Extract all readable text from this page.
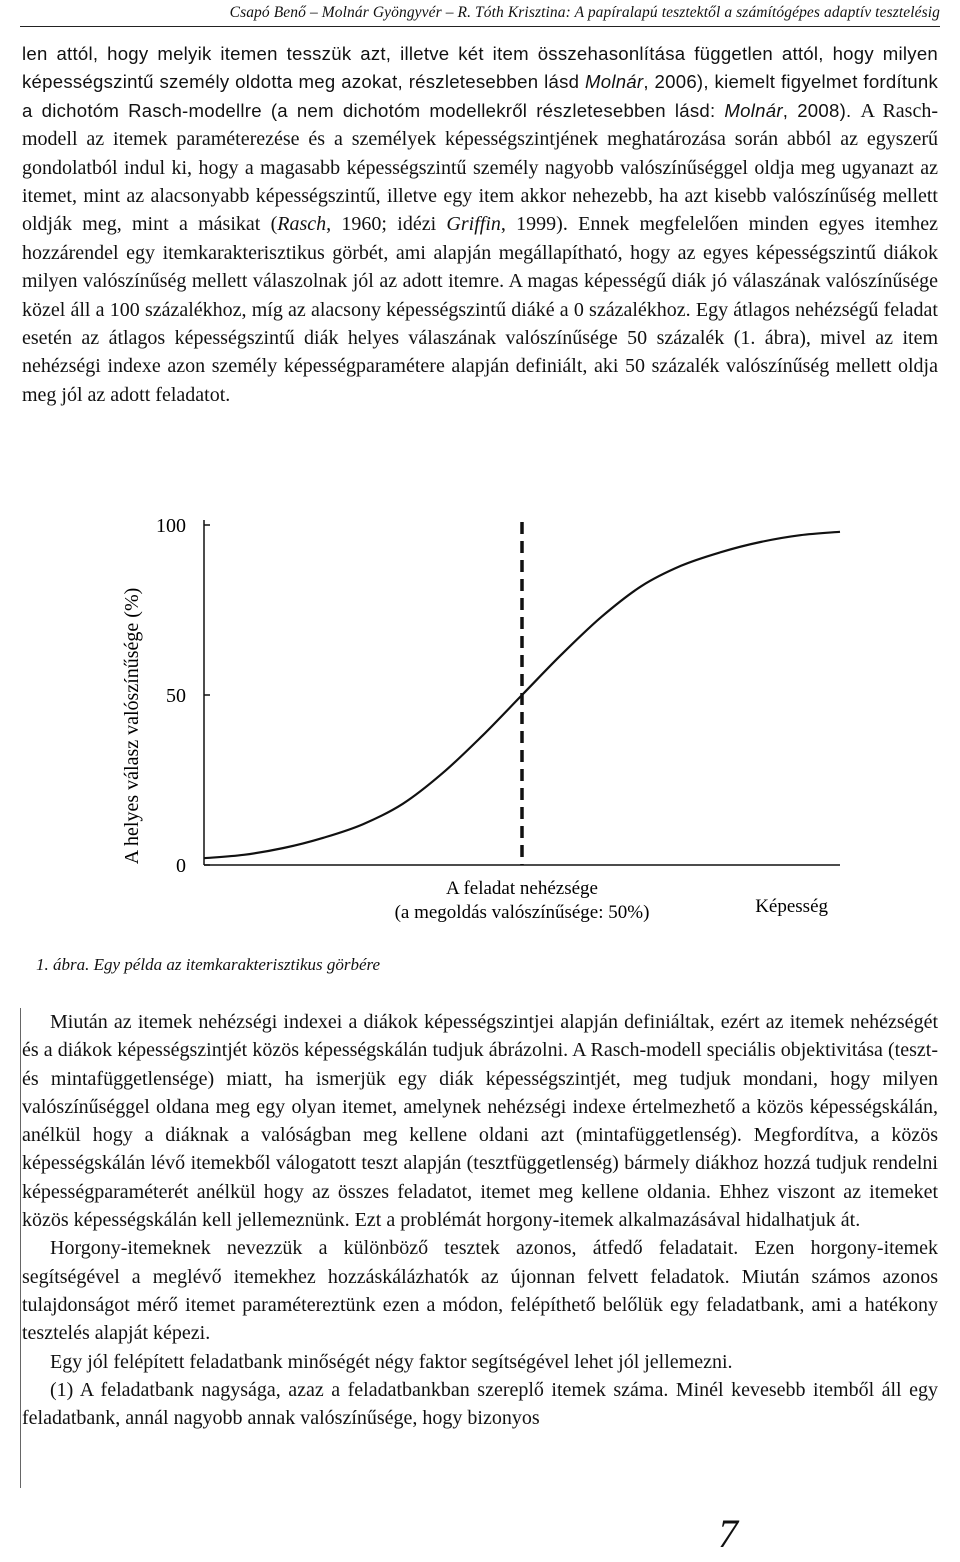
Csapó Benő – Molnár Gyöngyvér – R. Tóth Krisztina: A papíralapú tesztektől a számítógépes adaptív tesztelésig
len attól, hogy melyik itemen tesszük azt, illetve két item összehasonlítása független attól, hogy milyen képességszintű személy oldotta meg azokat, részletesebben lásd Molnár, 2006), kiemelt figyelmet fordítunk a dichotóm Rasch-modellre (a nem dichotóm modellekről részletesebben lásd: Molnár, 2008). A Rasch-modell az itemek paraméterezése és a személyek képességszintjének meghatározása során abból az egyszerű gondolatból indul ki, hogy a magasabb képességszintű személy nagyobb valószínűséggel oldja meg ugyanazt az itemet, mint az alacsonyabb képességszintű, illetve egy item akkor nehezebb, ha azt kisebb valószínűség mellett oldják meg, mint a másikat (Rasch, 1960; idézi Griffin, 1999). Ennek megfelelően minden egyes itemhez hozzárendel egy itemkarakterisztikus görbét, ami alapján megállapítható, hogy az egyes képességszintű diákok milyen valószínűség mellett válaszolnak jól az adott itemre. A magas képességű diák jó válaszának valószínűsége közel áll a 100 százalékhoz, míg az alacsony képességszintű diáké a 0 százalékhoz. Egy átlagos nehézségű feladat esetén az átlagos képességszintű diák helyes válaszának valószínűsége 50 százalék (1. ábra), mivel az item nehézségi indexe azon személy képességparamétere alapján definiált, aki 50 százalék valószínűség mellett oldja meg jól az adott feladatot.
A helyes válasz valószínűsége (%)
100
50
0
A feladat nehézsége
(a megoldás valószínűsége: 50%)	Képesség
1. ábra. Egy példa az itemkarakterisztikus görbére

Miután az itemek nehézségi indexei a diákok képességszintjei alapján definiáltak, ezért az itemek nehézségét és a diákok képességszintjét közös képességskálán tudjuk ábrázolni. A Rasch-modell speciális objektivitása (teszt- és mintafüggetlensége) miatt, ha ismerjük egy diák képességszintjét, meg tudjuk mondani, hogy milyen valószínűséggel oldana meg egy olyan itemet, amelynek nehézségi indexe értelmezhető a közös képességskálán, anélkül hogy a diáknak a valóságban meg kellene oldani azt (mintafüggetlenség). Megfordítva, a közös képességskálán lévő itemekből válogatott teszt alapján (tesztfüggetlenség) bármely diákhoz hozzá tudjuk rendelni képességparaméterét anélkül hogy az összes feladatot, itemet meg kellene oldania. Ehhez viszont az itemeket közös képességskálán kell jellemeznünk. Ezt a problémát horgony-itemek alkalmazásával hidalhatjuk át.

Horgony-itemeknek nevezzük a különböző tesztek azonos, átfedő feladatait. Ezen horgony-itemek segítségével a meglévő itemekhez hozzáskálázhatók az újonnan felvett feladatok. Miután számos azonos tulajdonságot mérő itemet paramétereztünk ezen a módon, felépíthető belőlük egy feladatbank, ami a hatékony tesztelés alapját képezi.

Egy jól felépített feladatbank minőségét négy faktor segítségével lehet jól jellemezni.

(1) A feladatbank nagysága, azaz a feladatbankban szereplő itemek száma. Minél kevesebb itemből áll egy feladatbank, annál nagyobb annak valószínűsége, hogy bizonyos

7
